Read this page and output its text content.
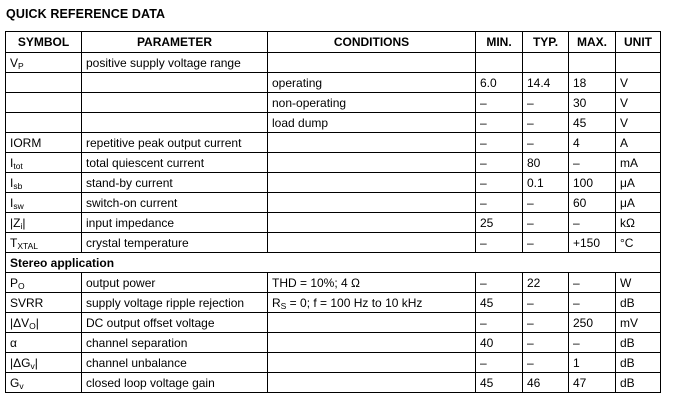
QUICK REFERENCE DATA
SYMBOL	PARAMETER	CONDITIONS	MIN.	TYP.	MAX.	UNIT
$V_P$	positive supply voltage range					
		operating	6.0	14.4	18	V
		non-operating	–	–	30	V
		load dump	–	–	45	V
IORM	repetitive peak output current		–	–	4	A
$I_{tot}$	total quiescent current		–	80	–	mA
$I_{sb}$	stand-by current		–	0.1	100	μA
$I_{sw}$	switch-on current		–	–	60	μA
$|Z_i|$	input impedance		25	–	–	kΩ
$T_{XTAL}$	crystal temperature		–	–	+150	°C
Stereo application						
$P_O$	output power	THD = 10%; 4 Ω	–	22	–	W
SVRR	supply voltage ripple rejection	$R_S = 0$; f = 100 Hz to 10 kHz	45	–	–	dB
$|\Delta V_O|$	DC output offset voltage		–	–	250	mV
α	channel separation		40	–	–	dB
$|\Delta G_v|$	channel unbalance		–	–	1	dB
$G_v$	closed loop voltage gain		45	46	47	dB
